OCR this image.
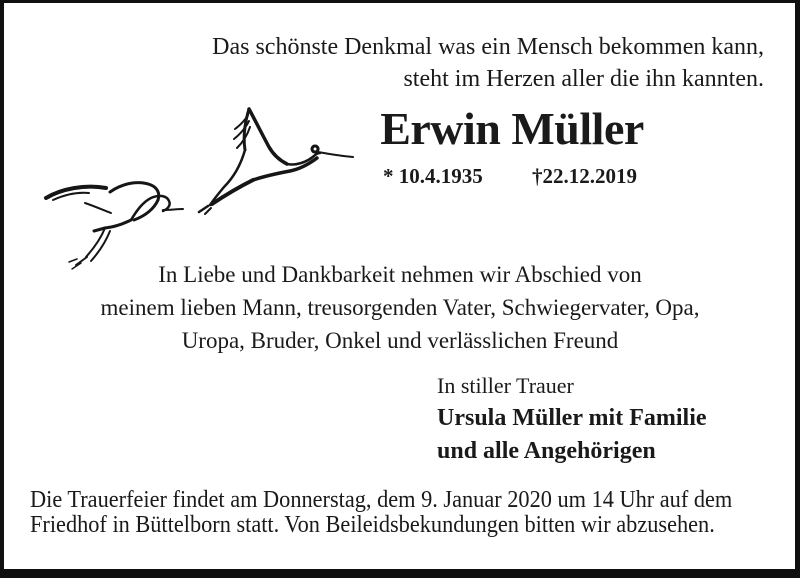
Das schönste Denkmal was ein Mensch bekommen kann,
steht im Herzen aller die ihn kannten.
Erwin Müller
* 10.4.1935 †22.12.2019
In Liebe und Dankbarkeit nehmen wir Abschied von
meinem lieben Mann, treusorgenden Vater, Schwiegervater, Opa,
Uropa, Bruder, Onkel und verlässlichen Freund
In stiller Trauer
Ursula Müller mit Familie
und alle Angehörigen
Die Trauerfeier findet am Donnerstag, dem 9. Januar 2020 um 14 Uhr auf dem
Friedhof in Büttelborn statt. Von Beileidsbekundungen bitten wir abzusehen.
